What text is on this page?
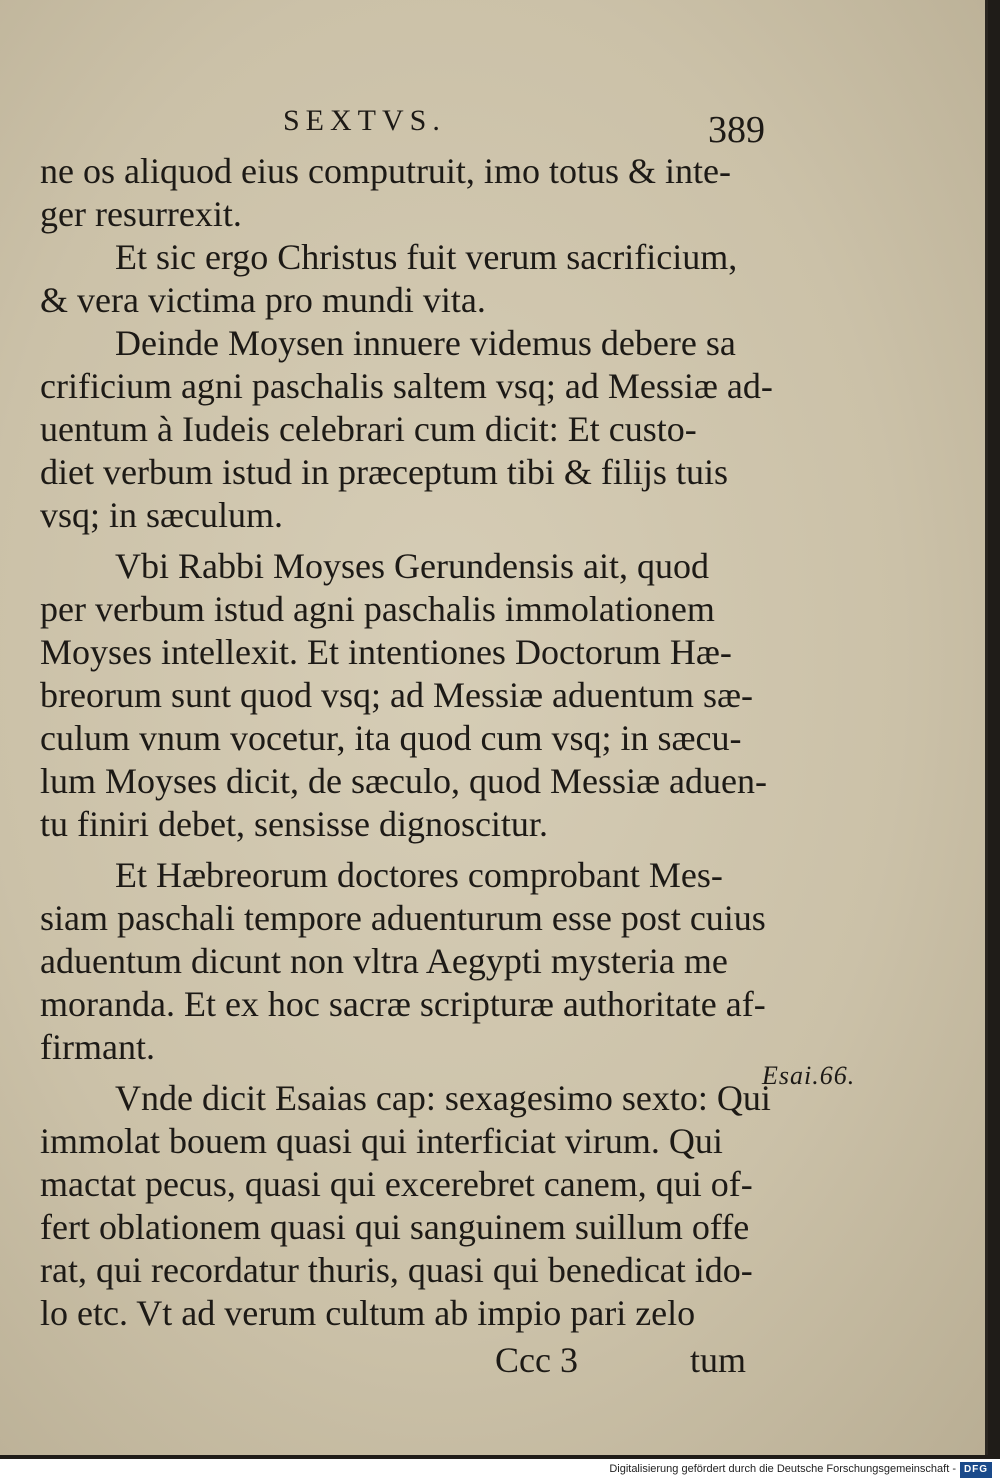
SEXTVS.	389
ne os aliquod eius computruit, imo totus & inte-
ger resurrexit.
Et sic ergo Christus fuit verum sacrificium,
& vera victima pro mundi vita.
Deinde Moysen innuere videmus debere sa
crificium agni paschalis saltem vsq; ad Messiæ ad-
uentum à Iudeis celebrari cum dicit: Et custo-
diet verbum istud in præceptum tibi & filijs tuis
vsq; in sæculum.
Vbi Rabbi Moyses Gerundensis ait, quod
per verbum istud agni paschalis immolationem
Moyses intellexit. Et intentiones Doctorum Hæ-
breorum sunt quod vsq; ad Messiæ aduentum sæ-
culum vnum vocetur, ita quod cum vsq; in sæcu-
lum Moyses dicit, de sæculo, quod Messiæ aduen-
tu finiri debet, sensisse dignoscitur.
Et Hæbreorum doctores comprobant Mes-
siam paschali tempore aduenturum esse post cuius
aduentum dicunt non vltra Aegypti mysteria me
moranda. Et ex hoc sacræ scripturæ authoritate af-
firmant.
Vnde dicit Esaias cap: sexagesimo sexto: Qui
immolat bouem quasi qui interficiat virum. Qui
mactat pecus, quasi qui excerebret canem, qui of-
fert oblationem quasi qui sanguinem suillum offe
rat, qui recordatur thuris, quasi qui benedicat ido-
lo etc. Vt ad verum cultum ab impio pari zelo
Ccc 3	tum
Esai.66.
Digitalisierung gefördert durch die Deutsche Forschungsgemeinschaft - DFG
